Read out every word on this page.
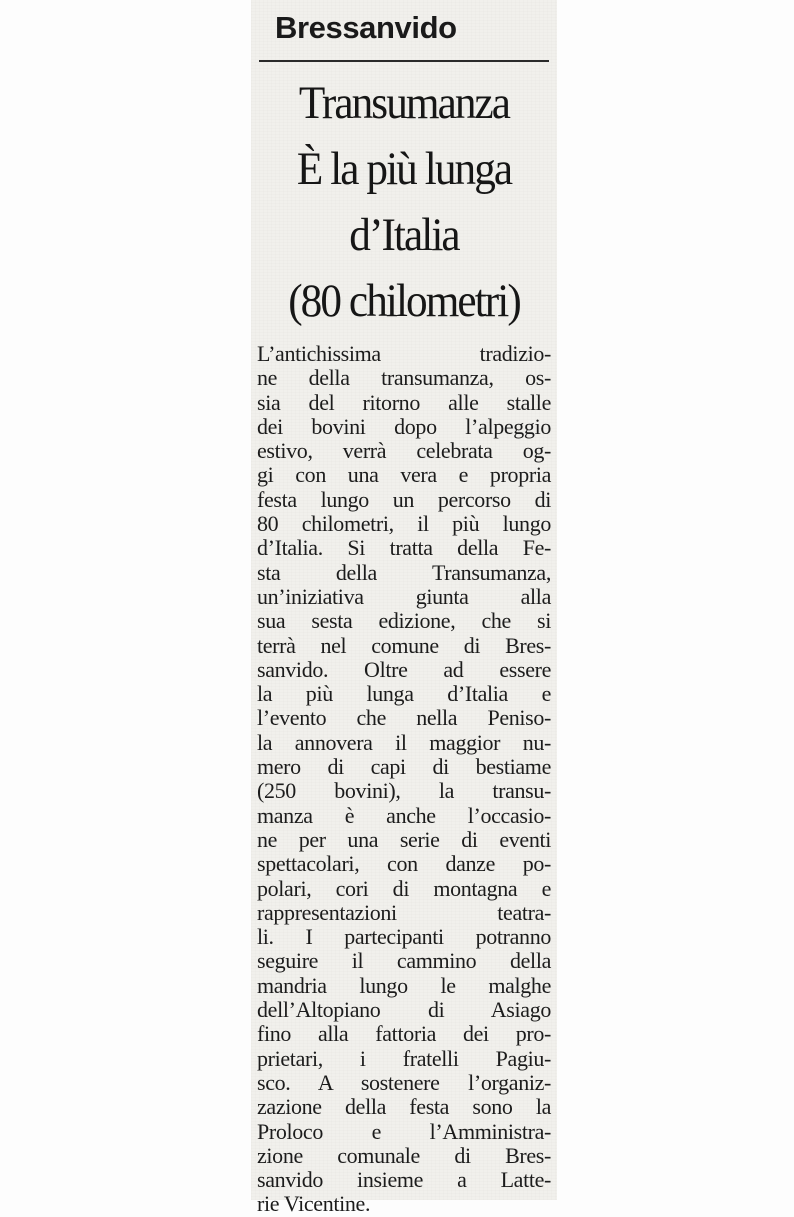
Bressanvido
Transumanza
È la più lunga
d’Italia
(80 chilometri)
L’antichissima tradizio-
ne della transumanza, os-
sia del ritorno alle stalle
dei bovini dopo l’alpeggio
estivo, verrà celebrata og-
gi con una vera e propria
festa lungo un percorso di
80 chilometri, il più lungo
d’Italia. Si tratta della Fe-
sta della Transumanza,
un’iniziativa giunta alla
sua sesta edizione, che si
terrà nel comune di Bres-
sanvido. Oltre ad essere
la più lunga d’Italia e
l’evento che nella Peniso-
la annovera il maggior nu-
mero di capi di bestiame
(250 bovini), la transu-
manza è anche l’occasio-
ne per una serie di eventi
spettacolari, con danze po-
polari, cori di montagna e
rappresentazioni teatra-
li. I partecipanti potranno
seguire il cammino della
mandria lungo le malghe
dell’Altopiano di Asiago
fino alla fattoria dei pro-
prietari, i fratelli Pagiu-
sco. A sostenere l’organiz-
zazione della festa sono la
Proloco e l’Amministra-
zione comunale di Bres-
sanvido insieme a Latte-
rie Vicentine.
